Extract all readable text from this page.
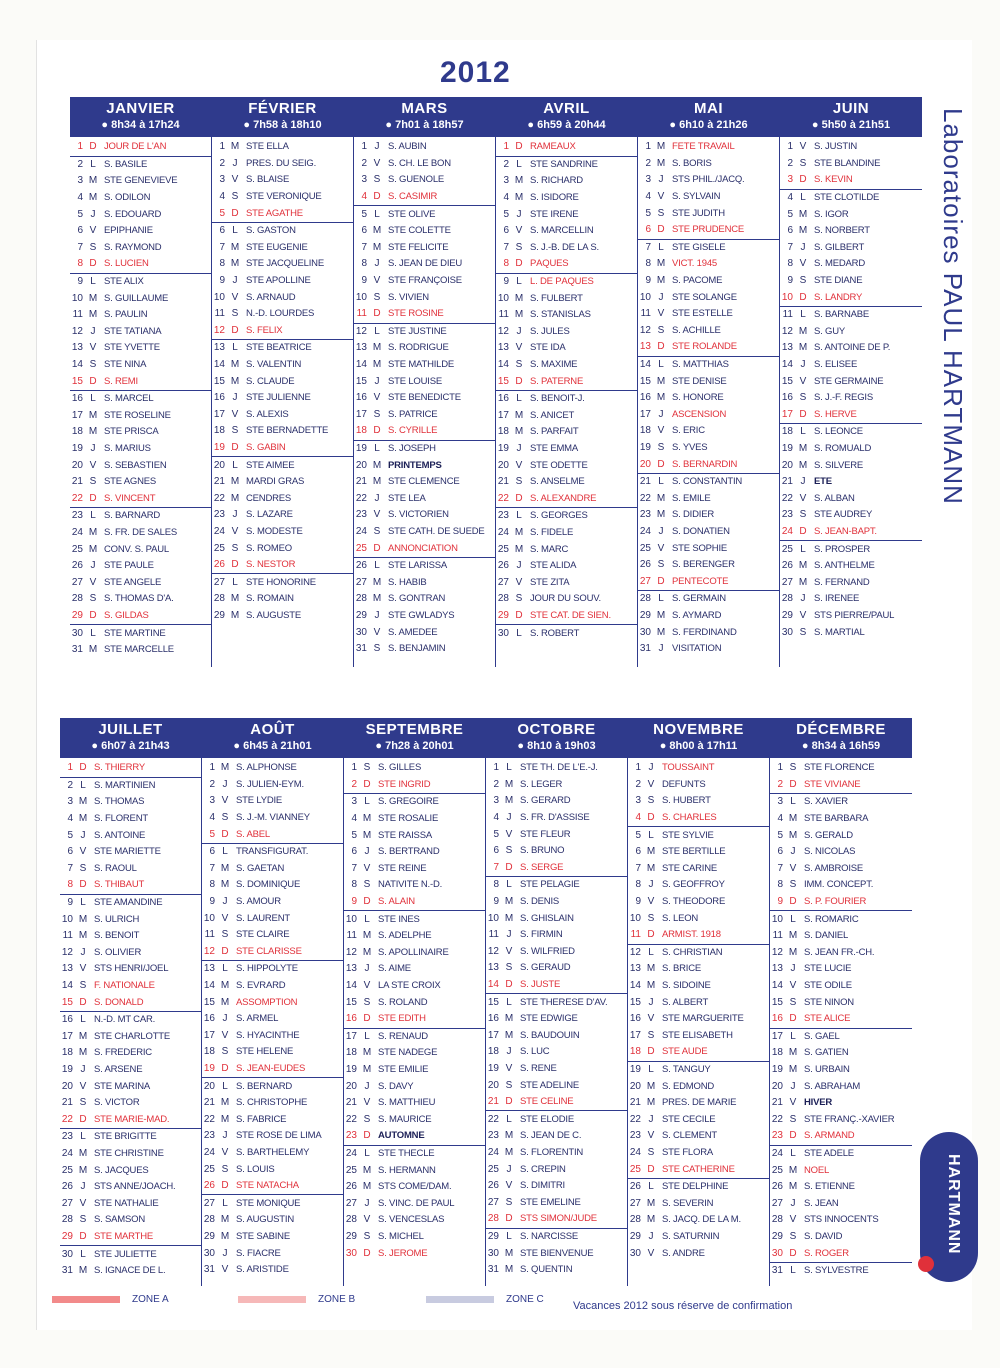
2012
JANVIER
● 8h34 à 17h24
1 D JOUR DE L'AN
2 L S. BASILE
3 M STE GENEVIÈVE
4 M S. ODILON
5 J S. ÉDOUARD
6 V ÉPIPHANIE
7 S S. RAYMOND
8 D S. LUCIEN
9 L STE ALIX
10 M S. GUILLAUME
11 M S. PAULIN
12 J STE TATIANA
13 V STE YVETTE
14 S STE NINA
15 D S. RÉMI
16 L S. MARCEL
17 M STE ROSELINE
18 M STE PRISCA
19 J S. MARIUS
20 V S. SÉBASTIEN
21 S STE AGNÈS
22 D S. VINCENT
23 L S. BARNARD
24 M S. FR. DE SALES
25 M CONV. S. PAUL
26 J STE PAULE
27 V STE ANGÈLE
28 S S. THOMAS D'A.
29 D S. GILDAS
30 L STE MARTINE
31 M STE MARCELLE
FÉVRIER
● 7h58 à 18h10
1 M STE ELLA
2 J PRÉS. DU SEIG.
3 V S. BLAISE
4 S STE VÉRONIQUE
5 D STE AGATHE
6 L S. GASTON
7 M STE EUGÉNIE
8 M STE JACQUELINE
9 J STE APOLLINE
10 V S. ARNAUD
11 S N.-D. LOURDES
12 D S. FÉLIX
13 L STE BÉATRICE
14 M S. VALENTIN
15 M S. CLAUDE
16 J STE JULIENNE
17 V S. ALEXIS
18 S STE BERNADETTE
19 D S. GABIN
20 L STE AIMÉE
21 M MARDI GRAS
22 M CENDRES
23 J S. LAZARE
24 V S. MODESTE
25 S S. ROMÉO
26 D S. NESTOR
27 L STE HONORINE
28 M S. ROMAIN
29 M S. AUGUSTE
MARS
● 7h01 à 18h57
1 J S. AUBIN
2 V S. CH. LE BON
3 S S. GUÉNOLÉ
4 D S. CASIMIR
5 L STE OLIVE
6 M STE COLETTE
7 M STE FÉLICITÉ
8 J S. JEAN DE DIEU
9 V STE FRANÇOISE
10 S S. VIVIEN
11 D STE ROSINE
12 L STE JUSTINE
13 M S. RODRIGUE
14 M STE MATHILDE
15 J STE LOUISE
16 V STE BÉNÉDICTE
17 S S. PATRICE
18 D S. CYRILLE
19 L S. JOSEPH
20 M PRINTEMPS
21 M STE CLÉMENCE
22 J STE LÉA
23 V S. VICTORIEN
24 S STE CATH. DE SUÈDE
25 D ANNONCIATION
26 L STE LARISSA
27 M S. HABIB
28 M S. GONTRAN
29 J STE GWLADYS
30 V S. AMÉDÉE
31 S S. BENJAMIN
AVRIL
● 6h59 à 20h44
1 D RAMEAUX
2 L STE SANDRINE
3 M S. RICHARD
4 M S. ISIDORE
5 J STE IRÈNE
6 V S. MARCELLIN
7 S S. J.-B. DE LA S.
8 D PÂQUES
9 L L. DE PÂQUES
10 M S. FULBERT
11 M S. STANISLAS
12 J S. JULES
13 V STE IDA
14 S S. MAXIME
15 D S. PATERNE
16 L S. BENOÎT-J.
17 M S. ANICET
18 M S. PARFAIT
19 J STE EMMA
20 V STE ODETTE
21 S S. ANSELME
22 D S. ALEXANDRE
23 L S. GEORGES
24 M S. FIDÈLE
25 M S. MARC
26 J STE ALIDA
27 V STE ZITA
28 S JOUR DU SOUV.
29 D STE CAT. DE SIEN.
30 L S. ROBERT
MAI
● 6h10 à 21h26
1 M FÊTE TRAVAIL
2 M S. BORIS
3 J STS PHIL./JACQ.
4 V S. SYLVAIN
5 S STE JUDITH
6 D STE PRUDENCE
7 L STE GISÈLE
8 M VICT. 1945
9 M S. PACÔME
10 J STE SOLANGE
11 V STE ESTELLE
12 S S. ACHILLE
13 D STE ROLANDE
14 L S. MATTHIAS
15 M STE DENISE
16 M S. HONORÉ
17 J ASCENSION
18 V S. ÉRIC
19 S S. YVES
20 D S. BERNARDIN
21 L S. CONSTANTIN
22 M S. ÉMILE
23 M S. DIDIER
24 J S. DONATIEN
25 V STE SOPHIE
26 S S. BÉRENGER
27 D PENTECÔTE
28 L S. GERMAIN
29 M S. AYMARD
30 M S. FERDINAND
31 J VISITATION
JUIN
● 5h50 à 21h51
1 V S. JUSTIN
2 S STE BLANDINE
3 D S. KÉVIN
4 L STE CLOTILDE
5 M S. IGOR
6 M S. NORBERT
7 J S. GILBERT
8 V S. MÉDARD
9 S STE DIANE
10 D S. LANDRY
11 L S. BARNABÉ
12 M S. GUY
13 M S. ANTOINE DE P.
14 J S. ÉLISÉE
15 V STE GERMAINE
16 S S. J.-F. RÉGIS
17 D S. HERVÉ
18 L S. LÉONCE
19 M S. ROMUALD
20 M S. SILVÈRE
21 J ÉTÉ
22 V S. ALBAN
23 S STE AUDREY
24 D S. JEAN-BAPT.
25 L S. PROSPER
26 M S. ANTHELME
27 M S. FERNAND
28 J S. IRÉNÉE
29 V STS PIERRE/PAUL
30 S S. MARTIAL
JUILLET
● 6h07 à 21h43
1 D S. THIERRY
2 L S. MARTINIEN
3 M S. THOMAS
4 M S. FLORENT
5 J S. ANTOINE
6 V STE MARIETTE
7 S S. RAOUL
8 D S. THIBAUT
9 L STE AMANDINE
10 M S. ULRICH
11 M S. BENOÎT
12 J S. OLIVIER
13 V STS HENRI/JOËL
14 S F. NATIONALE
15 D S. DONALD
16 L N.-D. MT CAR.
17 M STE CHARLOTTE
18 M S. FRÉDÉRIC
19 J S. ARSÈNE
20 V STE MARINA
21 S S. VICTOR
22 D STE MARIE-MAD.
23 L STE BRIGITTE
24 M STE CHRISTINE
25 M S. JACQUES
26 J STS ANNE/JOACH.
27 V STE NATHALIE
28 S S. SAMSON
29 D STE MARTHE
30 L STE JULIETTE
31 M S. IGNACE DE L.
AOÛT
● 6h45 à 21h01
1 M S. ALPHONSE
2 J S. JULIEN-EYM.
3 V STE LYDIE
4 S S. J.-M. VIANNEY
5 D S. ABEL
6 L TRANSFIGURAT.
7 M S. GAÉTAN
8 M S. DOMINIQUE
9 J S. AMOUR
10 V S. LAURENT
11 S STE CLAIRE
12 D STE CLARISSE
13 L S. HIPPOLYTE
14 M S. ÉVRARD
15 M ASSOMPTION
16 J S. ARMEL
17 V S. HYACINTHE
18 S STE HÉLÈNE
19 D S. JEAN-EUDES
20 L S. BERNARD
21 M S. CHRISTOPHE
22 M S. FABRICE
23 J STE ROSE DE LIMA
24 V S. BARTHÉLEMY
25 S S. LOUIS
26 D STE NATACHA
27 L STE MONIQUE
28 M S. AUGUSTIN
29 M STE SABINE
30 J S. FIACRE
31 V S. ARISTIDE
SEPTEMBRE
● 7h28 à 20h01
1 S S. GILLES
2 D STE INGRID
3 L S. GRÉGOIRE
4 M STE ROSALIE
5 M STE RAÏSSA
6 J S. BERTRAND
7 V STE REINE
8 S NATIVITÉ N.-D.
9 D S. ALAIN
10 L STE INÈS
11 M S. ADELPHE
12 M S. APOLLINAIRE
13 J S. AIMÉ
14 V LA STE CROIX
15 S S. ROLAND
16 D STE ÉDITH
17 L S. RENAUD
18 M STE NADÈGE
19 M STE ÉMILIE
20 J S. DAVY
21 V S. MATTHIEU
22 S S. MAURICE
23 D AUTOMNE
24 L STE THÈCLE
25 M S. HERMANN
26 M STS CÔME/DAM.
27 J S. VINC. DE PAUL
28 V S. VENCESLAS
29 S S. MICHEL
30 D S. JÉRÔME
OCTOBRE
● 8h10 à 19h03
1 L STE TH. DE L'E.-J.
2 M S. LÉGER
3 M S. GÉRARD
4 J S. FR. D'ASSISE
5 V STE FLEUR
6 S S. BRUNO
7 D S. SERGE
8 L STE PÉLAGIE
9 M S. DENIS
10 M S. GHISLAIN
11 J S. FIRMIN
12 V S. WILFRIED
13 S S. GÉRAUD
14 D S. JUSTE
15 L STE THÉRÈSE D'AV.
16 M STE EDWIGE
17 M S. BAUDOUIN
18 J S. LUC
19 V S. RENÉ
20 S STE ADELINE
21 D STE CÉLINE
22 L STE ÉLODIE
23 M S. JEAN DE C.
24 M S. FLORENTIN
25 J S. CRÉPIN
26 V S. DIMITRI
27 S STE ÉMELINE
28 D STS SIMON/JUDE
29 L S. NARCISSE
30 M STE BIENVENUE
31 M S. QUENTIN
NOVEMBRE
● 8h00 à 17h11
1 J TOUSSAINT
2 V DÉFUNTS
3 S S. HUBERT
4 D S. CHARLES
5 L STE SYLVIE
6 M STE BERTILLE
7 M STE CARINE
8 J S. GEOFFROY
9 V S. THÉODORE
10 S S. LÉON
11 D ARMIST. 1918
12 L S. CHRISTIAN
13 M S. BRICE
14 M S. SIDOINE
15 J S. ALBERT
16 V STE MARGUERITE
17 S STE ÉLISABETH
18 D STE AUDE
19 L S. TANGUY
20 M S. EDMOND
21 M PRÉS. DE MARIE
22 J STE CÉCILE
23 V S. CLÉMENT
24 S STE FLORA
25 D STE CATHERINE
26 L STE DELPHINE
27 M S. SÉVERIN
28 M S. JACQ. DE LA M.
29 J S. SATURNIN
30 V S. ANDRÉ
DÉCEMBRE
● 8h34 à 16h59
1 S STE FLORENCE
2 D STE VIVIANE
3 L S. XAVIER
4 M STE BARBARA
5 M S. GÉRALD
6 J S. NICOLAS
7 V S. AMBROISE
8 S IMM. CONCEPT.
9 D S. P. FOURIER
10 L S. ROMARIC
11 M S. DANIEL
12 M S. JEAN FR.-CH.
13 J STE LUCIE
14 V STE ODILE
15 S STE NINON
16 D STE ALICE
17 L S. GAËL
18 M S. GATIEN
19 M S. URBAIN
20 J S. ABRAHAM
21 V HIVER
22 S STE FRANÇ.-XAVIER
23 D S. ARMAND
24 L STE ADÈLE
25 M NOËL
26 M S. ÉTIENNE
27 J S. JEAN
28 V STS INNOCENTS
29 S S. DAVID
30 D S. ROGER
31 L S. SYLVESTRE
Laboratoires PAUL HARTMANN
HARTMANN
ZONE A	ZONE B	ZONE C
Vacances 2012 sous réserve de confirmation
